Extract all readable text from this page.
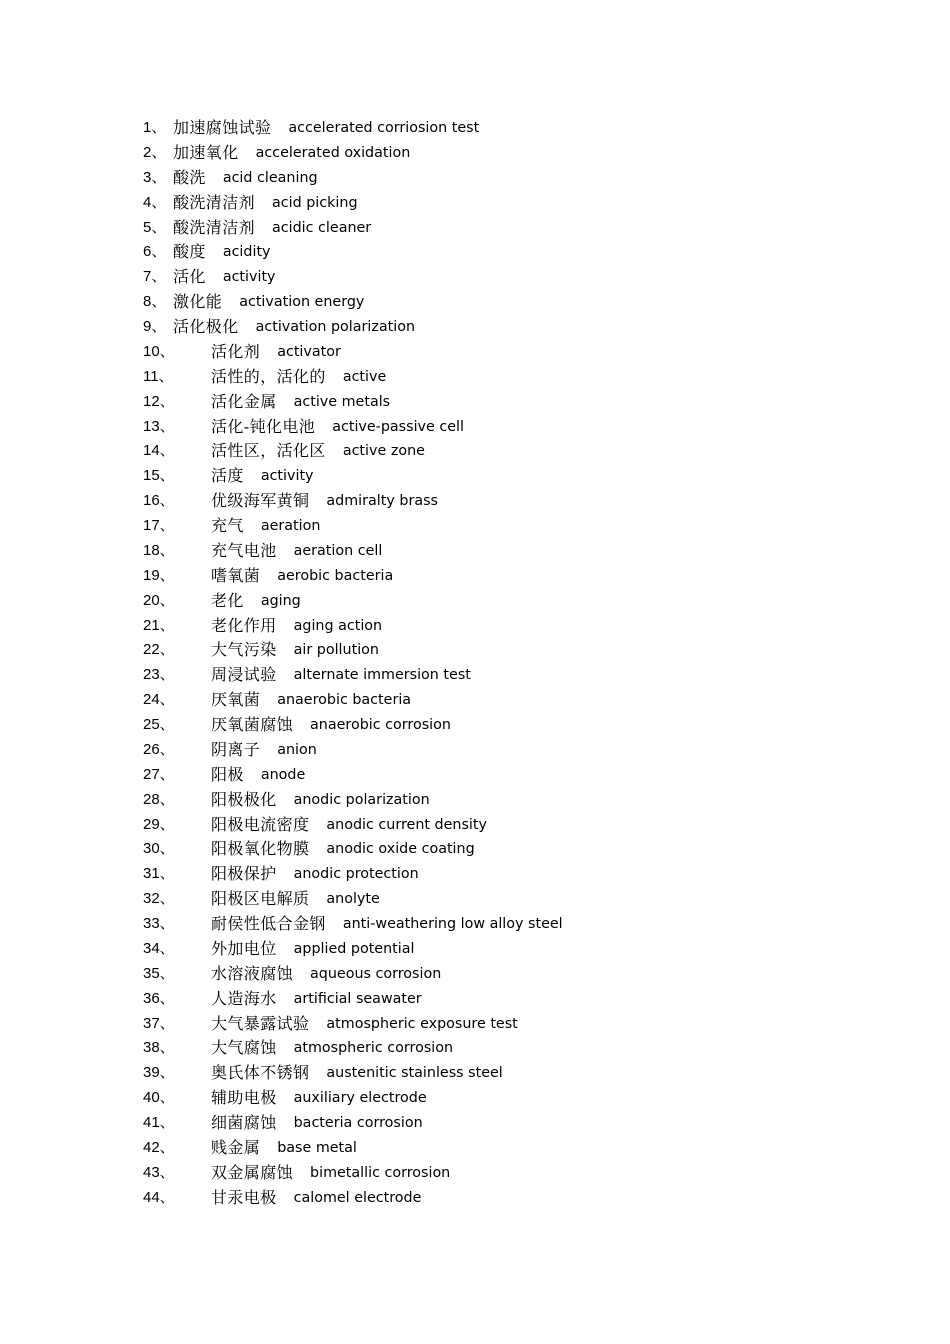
1、 加速腐蚀试验 accelerated corriosion test
2、 加速氧化 accelerated oxidation
3、 酸洗 acid cleaning
4、 酸洗清洁剂 acid picking
5、 酸洗清洁剂 acidic cleaner
6、 酸度 acidity
7、 活化 activity
8、 激化能 activation energy
9、 活化极化 activation polarization
10、	活化剂 activator
11、	活性的，活化的 active
12、	活化金属 active metals
13、	活化-钝化电池 active-passive cell
14、	活性区，活化区 active zone
15、	活度 activity
16、	优级海军黄铜 admiralty brass
17、	充气 aeration
18、	充气电池 aeration cell
19、	嗜氧菌 aerobic bacteria
20、	老化 aging
21、	老化作用 aging action
22、	大气污染 air pollution
23、	周浸试验 alternate immersion test
24、	厌氧菌 anaerobic bacteria
25、	厌氧菌腐蚀 anaerobic corrosion
26、	阴离子 anion
27、	阳极 anode
28、	阳极极化 anodic polarization
29、	阳极电流密度 anodic current density
30、	阳极氧化物膜 anodic oxide coating
31、	阳极保护 anodic protection
32、	阳极区电解质 anolyte
33、	耐侯性低合金钢 anti-weathering low alloy steel
34、	外加电位 applied potential
35、	水溶液腐蚀 aqueous corrosion
36、	人造海水 artificial seawater
37、	大气暴露试验 atmospheric exposure test
38、	大气腐蚀 atmospheric corrosion
39、	奥氏体不锈钢 austenitic stainless steel
40、	辅助电极 auxiliary electrode
41、	细菌腐蚀 bacteria corrosion
42、	贱金属 base metal
43、	双金属腐蚀 bimetallic corrosion
44、	甘汞电极 calomel electrode
